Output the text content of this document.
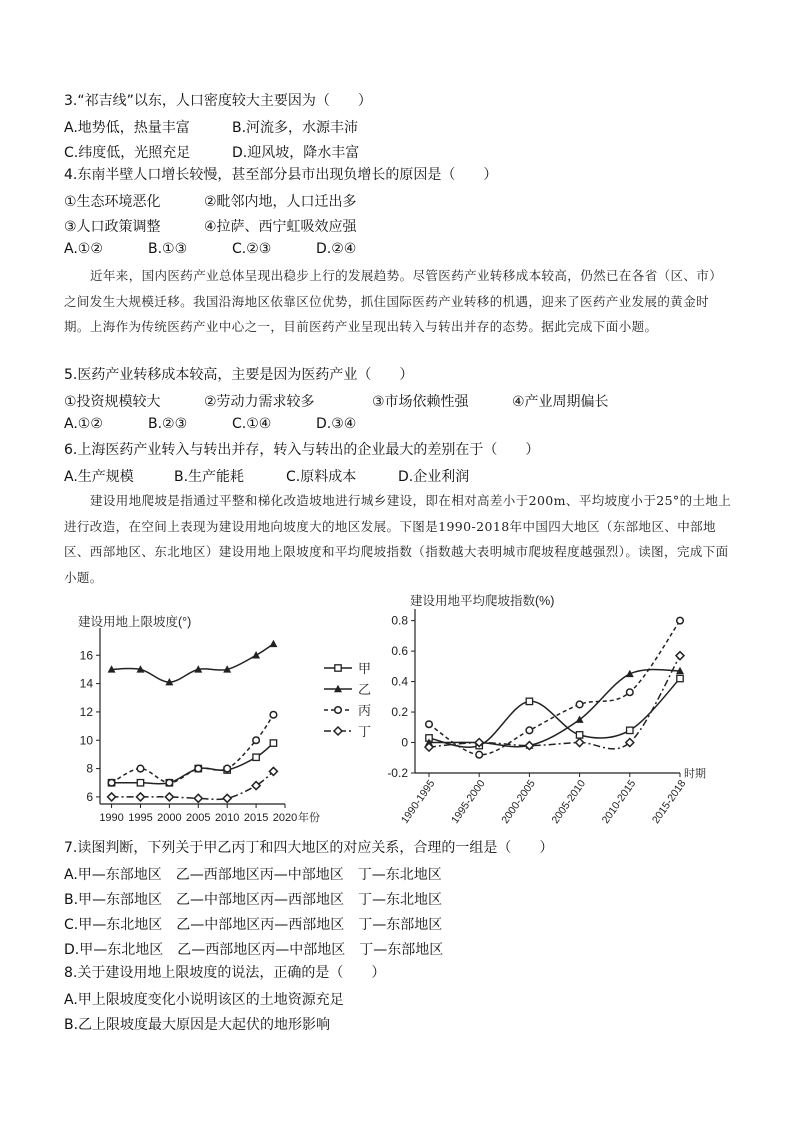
3.“祁吉线”以东，人口密度较大主要因为（　　）
A.地势低，热量丰富	B.河流多，水源丰沛
C.纬度低，光照充足	D.迎风坡，降水丰富
4.东南半壁人口增长较慢，甚至部分县市出现负增长的原因是（　　）
①生态环境恶化	②毗邻内地，人口迁出多
③人口政策调整	④拉萨、西宁虹吸效应强
A.①②	B.①③	C.②③	D.②④
近年来，国内医药产业总体呈现出稳步上行的发展趋势。尽管医药产业转移成本较高，仍然已在各省（区、市）之间发生大规模迁移。我国沿海地区依靠区位优势，抓住国际医药产业转移的机遇，迎来了医药产业发展的黄金时期。上海作为传统医药产业中心之一，目前医药产业呈现出转入与转出并存的态势。据此完成下面小题。
5.医药产业转移成本较高，主要是因为医药产业（　　）
①投资规模较大	②劳动力需求较多	③市场依赖性强	④产业周期偏长
A.①②	B.②③	C.①④	D.③④
6.上海医药产业转入与转出并存，转入与转出的企业最大的差别在于（　　）
A.生产规模	B.生产能耗	C.原料成本	D.企业利润
建设用地爬坡是指通过平整和梯化改造坡地进行城乡建设，即在相对高差小于200m、平均坡度小于25°的土地上进行改造，在空间上表现为建设用地向坡度大的地区发展。下图是1990-2018年中国四大地区（东部地区、中部地区、西部地区、东北地区）建设用地上限坡度和平均爬坡指数（指数越大表明城市爬坡程度越强烈）。读图，完成下面小题。
建设用地上限坡度(°)
6
8
10
12
14
16
1990 1995 2000 2005 2010 2015 2020 年份
甲
乙
丙
丁
建设用地平均爬坡指数(%)
-0.2
0
0.2
0.4
0.6
0.8
1990-1995 1995-2000 2000-2005 2005-2010 2010-2015 2015-2018
时期
7.读图判断，下列关于甲乙丙丁和四大地区的对应关系，合理的一组是（　　）
A.甲—东部地区　乙—西部地区丙—中部地区　丁—东北地区
B.甲—东部地区　乙—中部地区丙—西部地区　丁—东北地区
C.甲—东北地区　乙—中部地区丙—西部地区　丁—东部地区
D.甲—东北地区　乙—西部地区丙—中部地区　丁—东部地区
8.关于建设用地上限坡度的说法，正确的是（　　）
A.甲上限坡度变化小说明该区的土地资源充足
B.乙上限坡度最大原因是大起伏的地形影响
